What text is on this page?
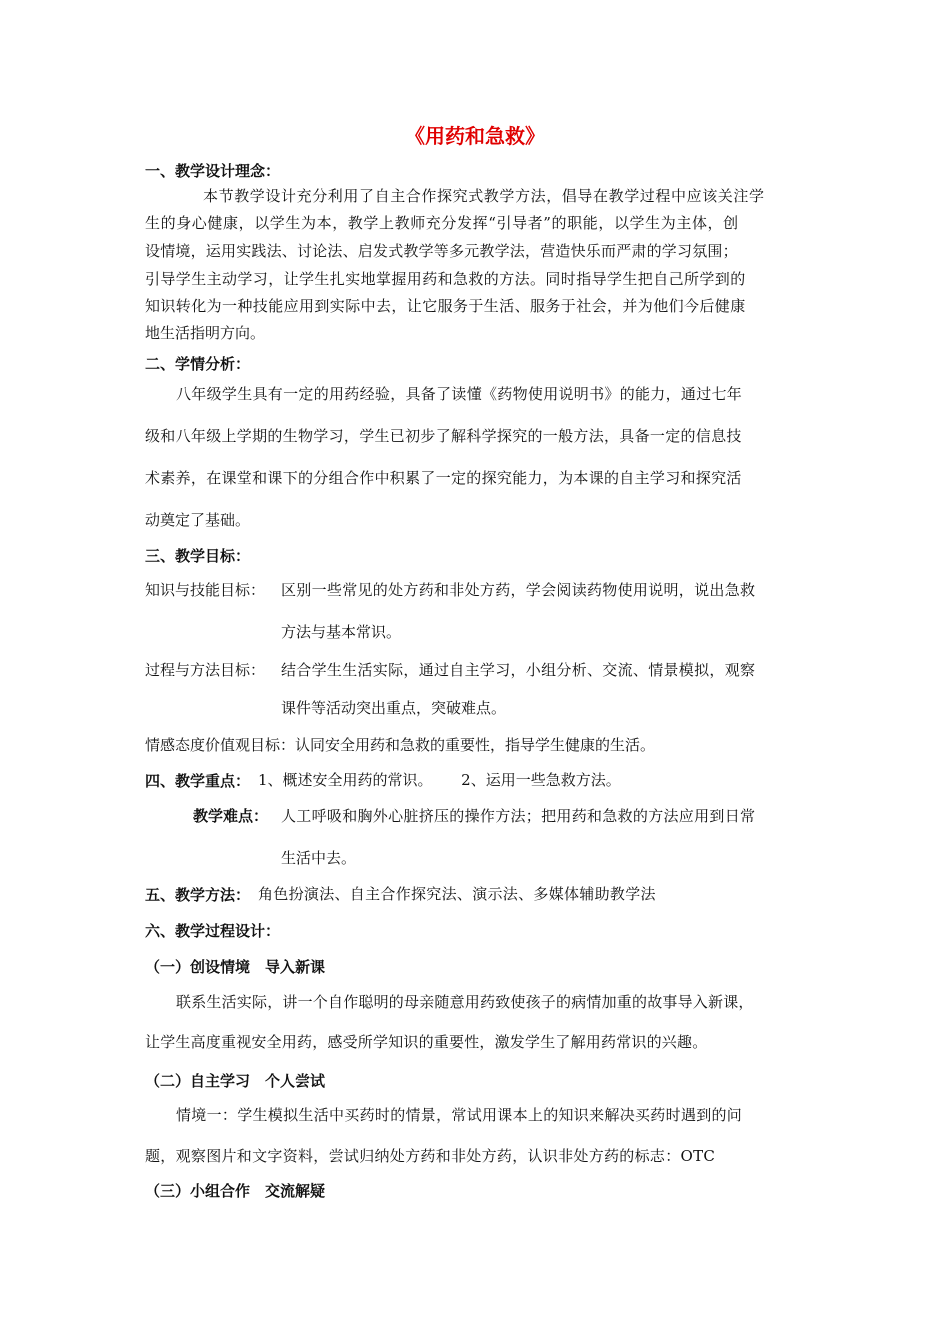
《用药和急救》
一、教学设计理念：
本节教学设计充分利用了自主合作探究式教学方法，倡导在教学过程中应该关注学
生的身心健康，以学生为本，教学上教师充分发挥“引导者”的职能，以学生为主体，创
设情境，运用实践法、讨论法、启发式教学等多元教学法，营造快乐而严肃的学习氛围；
引导学生主动学习，让学生扎实地掌握用药和急救的方法。同时指导学生把自己所学到的
知识转化为一种技能应用到实际中去，让它服务于生活、服务于社会，并为他们今后健康
地生活指明方向。
二、学情分析：
八年级学生具有一定的用药经验，具备了读懂《药物使用说明书》的能力，通过七年
级和八年级上学期的生物学习，学生已初步了解科学探究的一般方法，具备一定的信息技
术素养，在课堂和课下的分组合作中积累了一定的探究能力，为本课的自主学习和探究活
动奠定了基础。
三、教学目标：
知识与技能目标： 区别一些常见的处方药和非处方药，学会阅读药物使用说明，说出急救
方法与基本常识。
过程与方法目标： 结合学生生活实际，通过自主学习，小组分析、交流、情景模拟，观察
课件等活动突出重点，突破难点。
情感态度价值观目标：认同安全用药和急救的重要性，指导学生健康的生活。
四、教学重点： 1、概述安全用药的常识。      2、运用一些急救方法。
教学难点： 人工呼吸和胸外心脏挤压的操作方法；把用药和急救的方法应用到日常
生活中去。
五、教学方法： 角色扮演法、自主合作探究法、演示法、多媒体辅助教学法
六、教学过程设计：
（一）创设情境　导入新课
联系生活实际，讲一个自作聪明的母亲随意用药致使孩子的病情加重的故事导入新课，
让学生高度重视安全用药，感受所学知识的重要性，激发学生了解用药常识的兴趣。
（二）自主学习　个人尝试
情境一：学生模拟生活中买药时的情景，常试用课本上的知识来解决买药时遇到的问
题，观察图片和文字资料，尝试归纳处方药和非处方药，认识非处方药的标志：OTC
（三）小组合作　交流解疑
